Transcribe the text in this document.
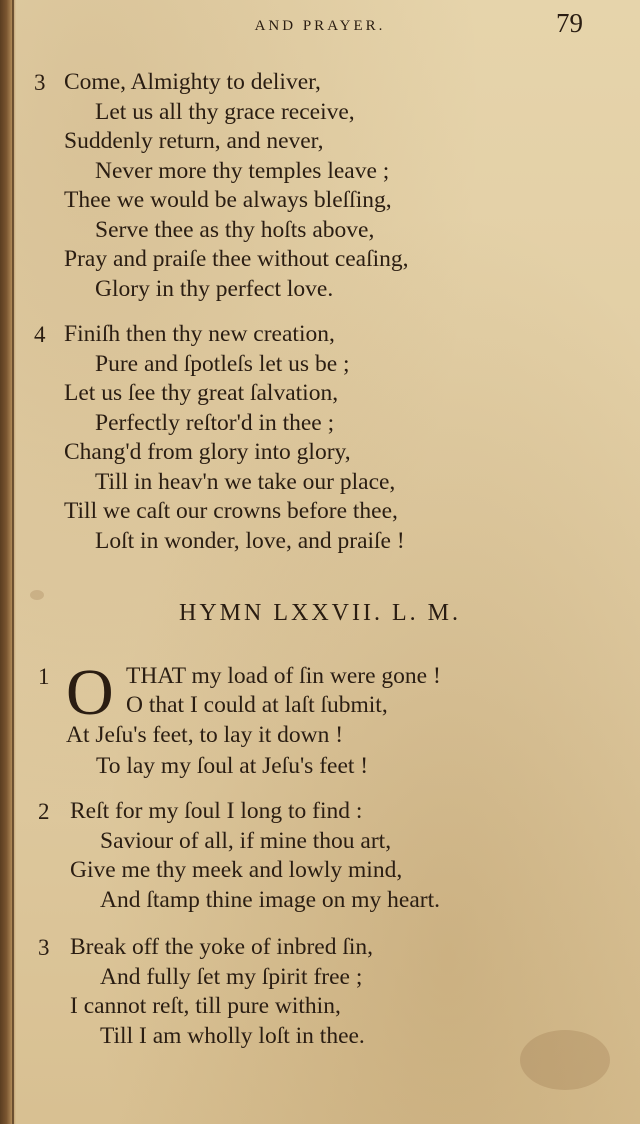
AND PRAYER.	79
3 Come, Almighty to deliver,
Let us all thy grace receive,
Suddenly return, and never,
Never more thy temples leave ;
Thee we would be always bleſſing,
Serve thee as thy hoſts above,
Pray and praiſe thee without ceaſing,
Glory in thy perfect love.
4 Finiſh then thy new creation,
Pure and ſpotleſs let us be ;
Let us ſee thy great ſalvation,
Perfectly reſtor'd in thee ;
Chang'd from glory into glory,
Till in heav'n we take our place,
Till we caſt our crowns before thee,
Loſt in wonder, love, and praiſe !
HYMN LXXVII. L. M.
1 O THAT my load of ſin were gone !
O that I could at laſt ſubmit,
At Jeſu's feet, to lay it down !
To lay my ſoul at Jeſu's feet !
2 Reſt for my ſoul I long to find :
Saviour of all, if mine thou art,
Give me thy meek and lowly mind,
And ſtamp thine image on my heart.
3 Break off the yoke of inbred ſin,
And fully ſet my ſpirit free ;
I cannot reſt, till pure within,
Till I am wholly loſt in thee.
